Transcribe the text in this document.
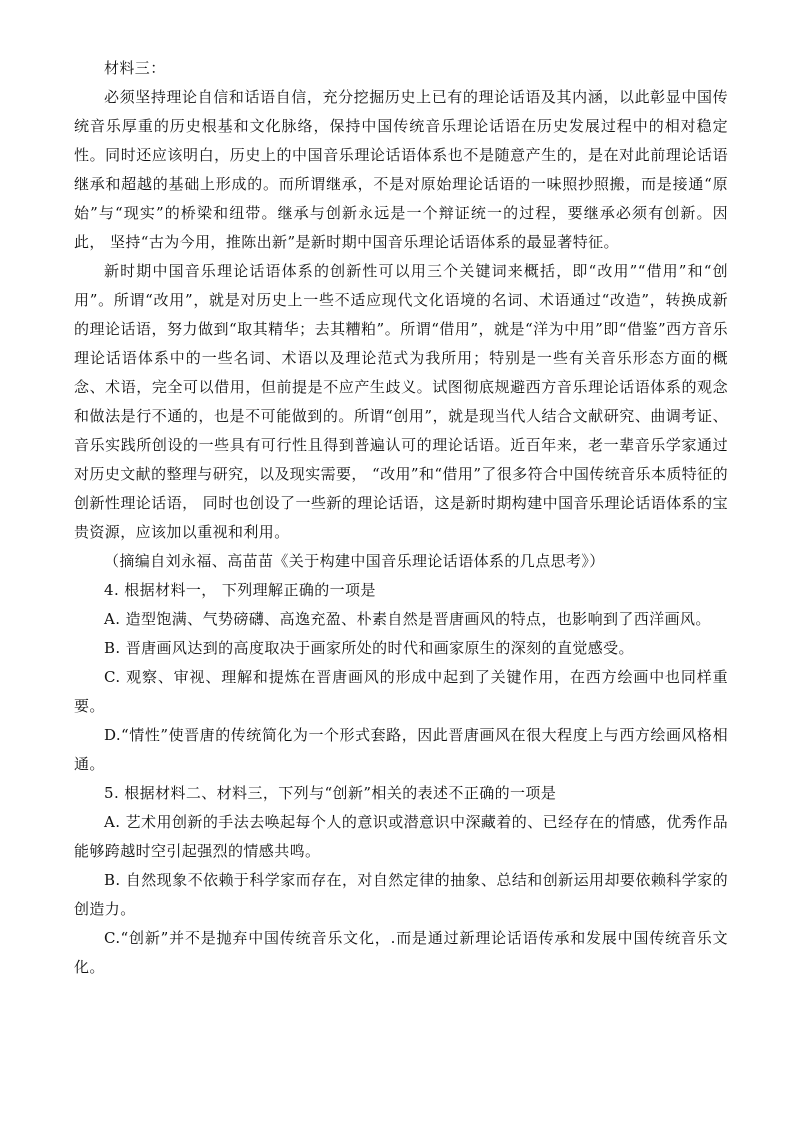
材料三：

必须坚持理论自信和话语自信，充分挖掘历史上已有的理论话语及其内涵，以此彰显中国传统音乐厚重的历史根基和文化脉络，保持中国传统音乐理论话语在历史发展过程中的相对稳定性。同时还应该明白，历史上的中国音乐理论话语体系也不是随意产生的，是在对此前理论话语继承和超越的基础上形成的。而所谓继承，不是对原始理论话语的一味照抄照搬，而是接通“原始”与“现实”的桥梁和纽带。继承与创新永远是一个辩证统一的过程，要继承必须有创新。因此， 坚持“古为今用，推陈出新”是新时期中国音乐理论话语体系的最显著特征。

新时期中国音乐理论话语体系的创新性可以用三个关键词来概括，即“改用”“借用”和“创用”。所谓“改用”，就是对历史上一些不适应现代文化语境的名词、术语通过“改造”，转换成新的理论话语，努力做到“取其精华；去其糟粕”。所谓“借用”，就是“洋为中用”即“借鉴”西方音乐理论话语体系中的一些名词、术语以及理论范式为我所用；特别是一些有关音乐形态方面的概念、术语，完全可以借用，但前提是不应产生歧义。试图彻底规避西方音乐理论话语体系的观念和做法是行不通的，也是不可能做到的。所谓“创用”，就是现当代人结合文献研究、曲调考证、音乐实践所创设的一些具有可行性且得到普遍认可的理论话语。近百年来，老一辈音乐学家通过对历史文献的整理与研究，以及现实需要， “改用”和“借用”了很多符合中国传统音乐本质特征的创新性理论话语， 同时也创设了一些新的理论话语，这是新时期构建中国音乐理论话语体系的宝贵资源，应该加以重视和利用。

（摘编自刘永福、高苗苗《关于构建中国音乐理论话语体系的几点思考》）

4. 根据材料一， 下列理解正确的一项是

A. 造型饱满、气势磅礴、高逸充盈、朴素自然是晋唐画风的特点，也影响到了西洋画风。

B. 晋唐画风达到的高度取决于画家所处的时代和画家原生的深刻的直觉感受。

C. 观察、审视、理解和提炼在晋唐画风的形成中起到了关键作用，在西方绘画中也同样重要。

D.“情性”使晋唐的传统简化为一个形式套路，因此晋唐画风在很大程度上与西方绘画风格相通。

5. 根据材料二、材料三，下列与“创新”相关的表述不正确的一项是

A. 艺术用创新的手法去唤起每个人的意识或潜意识中深藏着的、已经存在的情感，优秀作品能够跨越时空引起强烈的情感共鸣。

B. 自然现象不依赖于科学家而存在，对自然定律的抽象、总结和创新运用却要依赖科学家的创造力。

C.“创新”并不是抛弃中国传统音乐文化，.而是通过新理论话语传承和发展中国传统音乐文化。
